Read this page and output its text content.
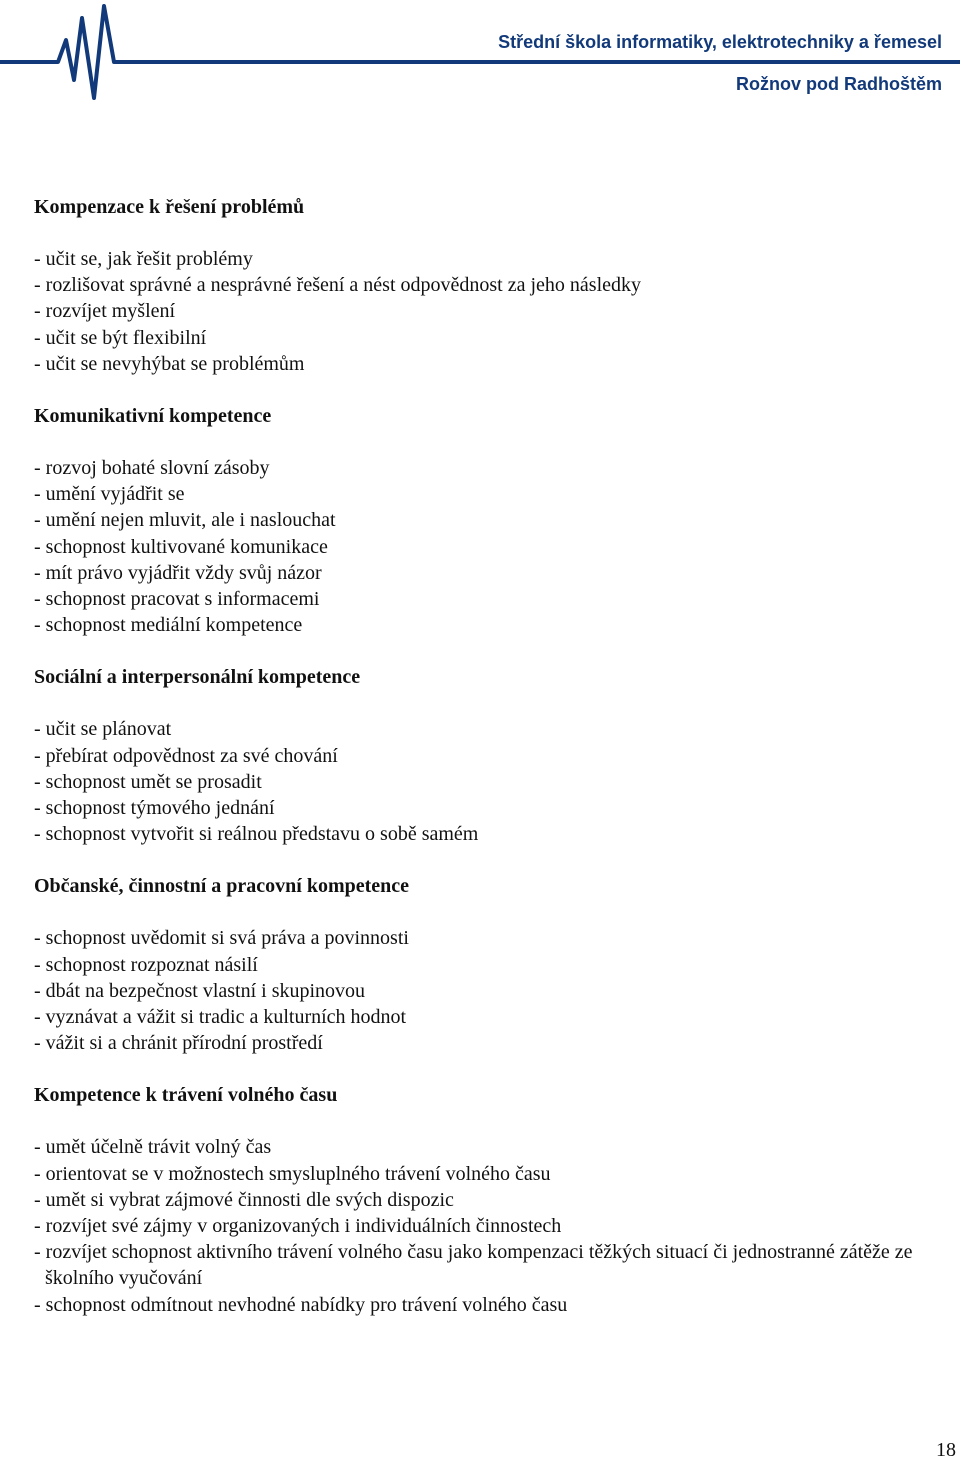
Střední škola informatiky, elektrotechniky a řemesel
Rožnov pod Radhoštěm
Kompenzace k řešení problémů
- učit se, jak řešit problémy
- rozlišovat správné a nesprávné řešení a nést odpovědnost za jeho následky
- rozvíjet myšlení
- učit se být flexibilní
- učit se nevyhýbat se problémům
Komunikativní kompetence
- rozvoj bohaté slovní zásoby
- umění vyjádřit se
- umění nejen mluvit, ale i naslouchat
- schopnost kultivované komunikace
- mít právo vyjádřit vždy svůj názor
- schopnost pracovat s informacemi
- schopnost mediální kompetence
Sociální a interpersonální kompetence
- učit se plánovat
- přebírat odpovědnost za své chování
- schopnost umět se prosadit
- schopnost týmového jednání
- schopnost vytvořit si reálnou představu o sobě samém
Občanské, činnostní a pracovní kompetence
- schopnost uvědomit si svá práva a povinnosti
- schopnost rozpoznat násilí
- dbát na bezpečnost vlastní i skupinovou
- vyznávat a vážit si tradic a kulturních hodnot
- vážit si a chránit přírodní prostředí
Kompetence k trávení volného času
- umět účelně trávit volný čas
- orientovat se v možnostech smysluplného trávení volného času
- umět si vybrat zájmové činnosti dle svých dispozic
- rozvíjet své zájmy v organizovaných i individuálních činnostech
- rozvíjet schopnost aktivního trávení volného času jako kompenzaci těžkých situací či jednostranné zátěže ze školního vyučování
- schopnost odmítnout nevhodné nabídky pro trávení volného času
18
